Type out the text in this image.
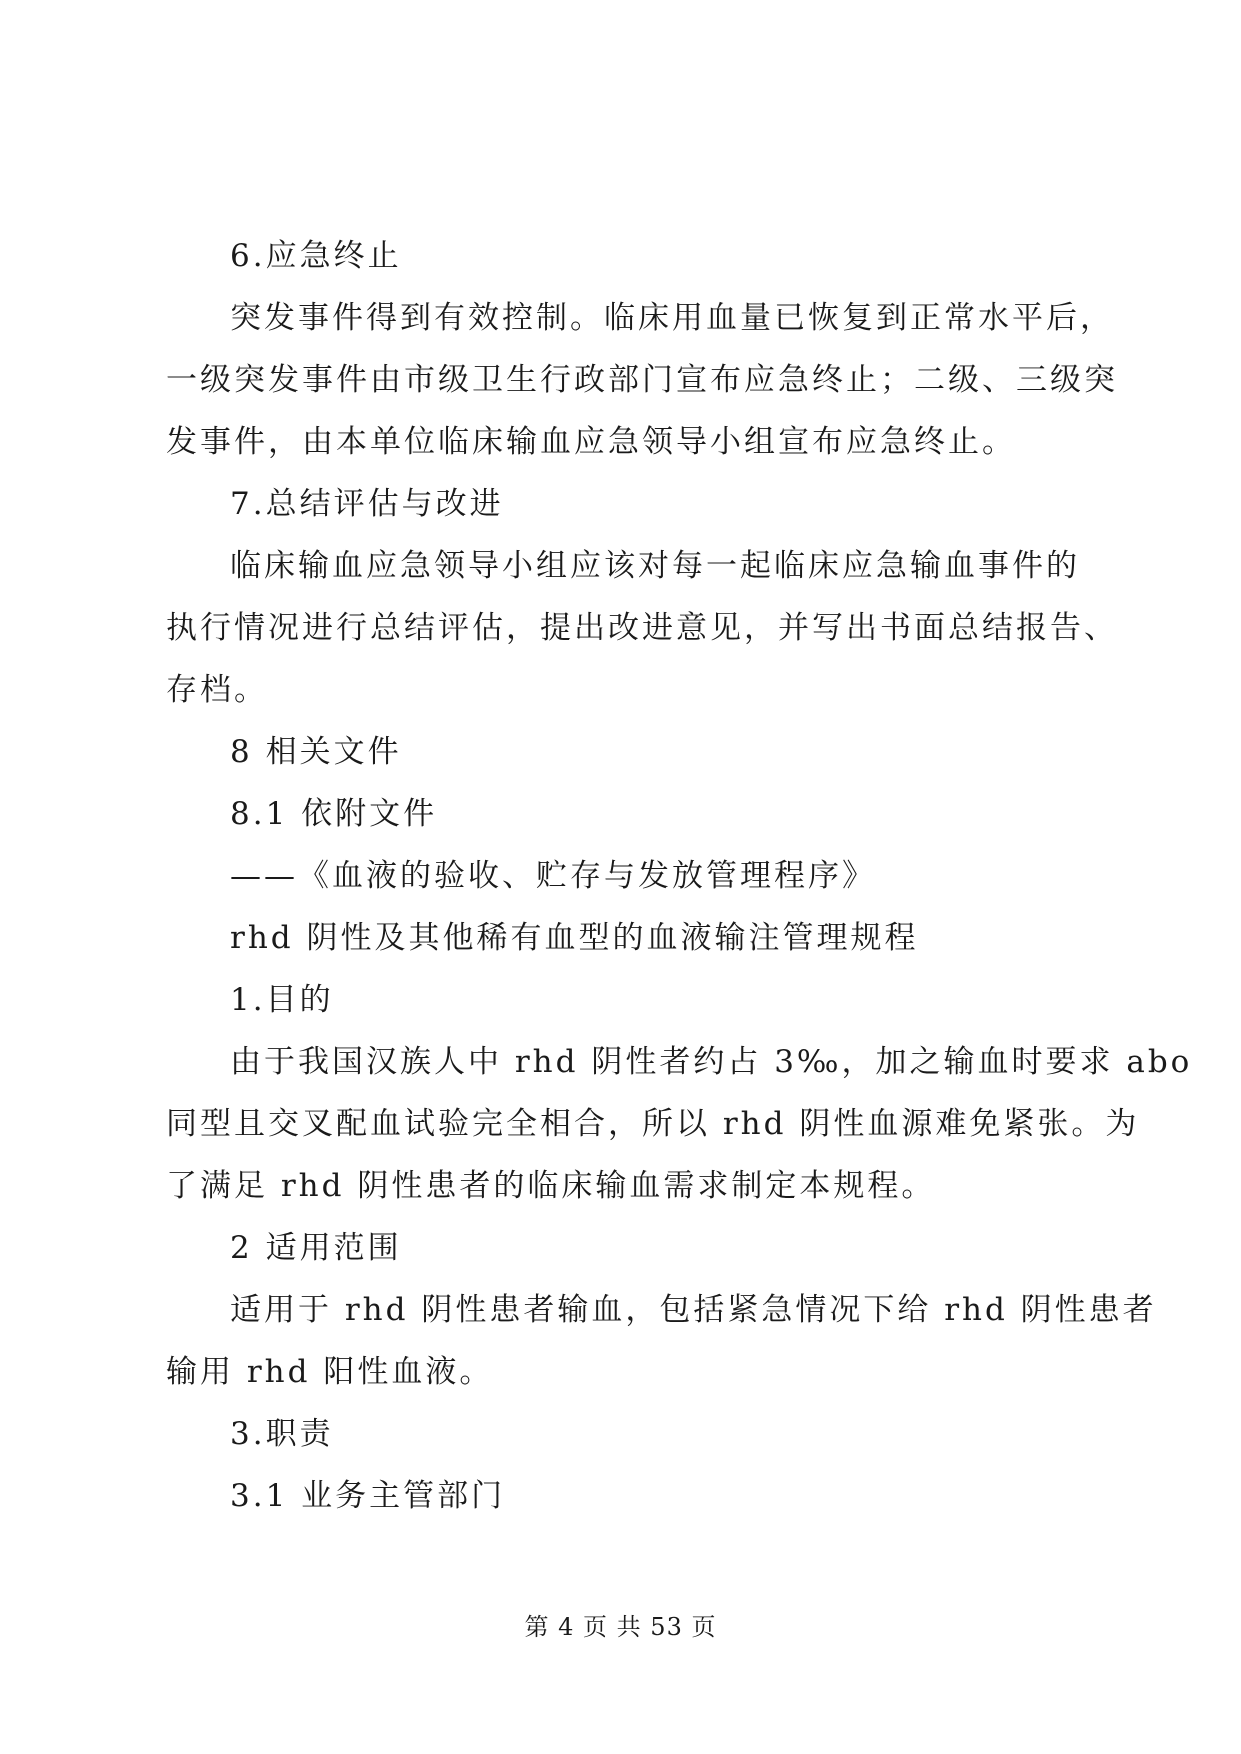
6.应急终止
突发事件得到有效控制。临床用血量已恢复到正常水平后，
一级突发事件由市级卫生行政部门宣布应急终止；二级、三级突
发事件，由本单位临床输血应急领导小组宣布应急终止。
7.总结评估与改进
临床输血应急领导小组应该对每一起临床应急输血事件的
执行情况进行总结评估，提出改进意见，并写出书面总结报告、
存档。
8 相关文件
8.1 依附文件
——《血液的验收、贮存与发放管理程序》
rhd 阴性及其他稀有血型的血液输注管理规程
1.目的
由于我国汉族人中 rhd 阴性者约占 3‰，加之输血时要求 abo
同型且交叉配血试验完全相合，所以 rhd 阴性血源难免紧张。为
了满足 rhd 阴性患者的临床输血需求制定本规程。
2 适用范围
适用于 rhd 阴性患者输血，包括紧急情况下给 rhd 阴性患者
输用 rhd 阳性血液。
3.职责
3.1 业务主管部门
第 4 页 共 53 页
